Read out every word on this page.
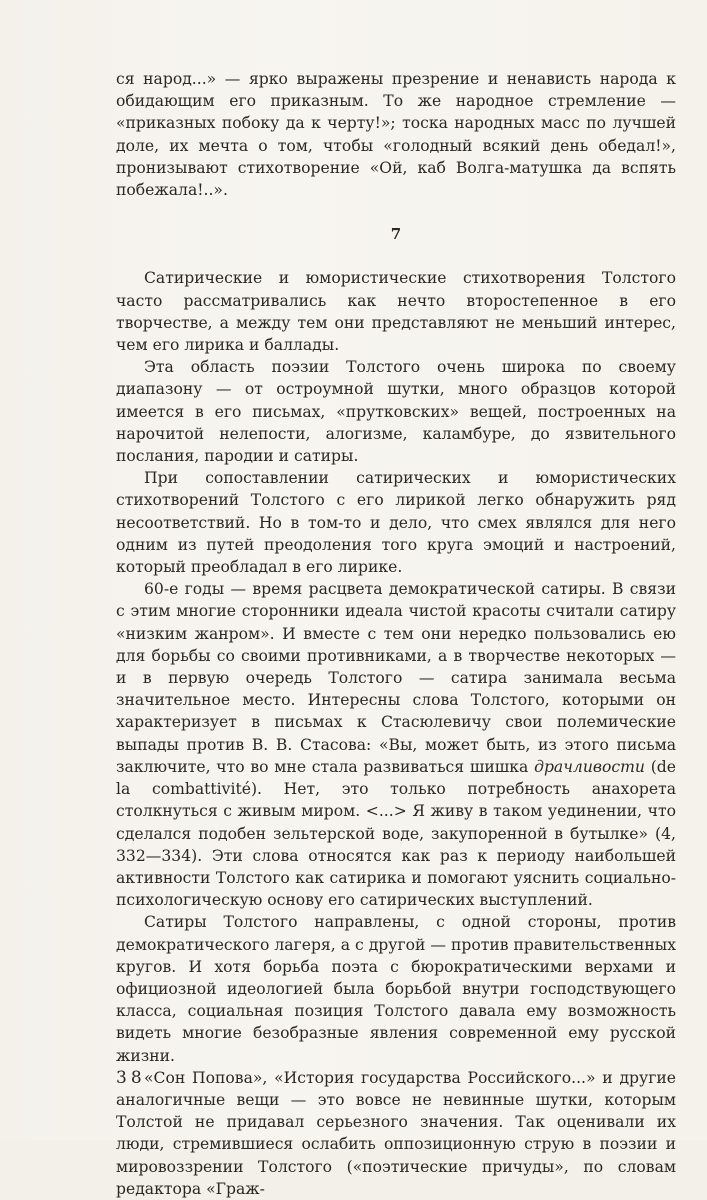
ся народ...» — ярко выражены презрение и ненависть народа к обидающим его приказным. То же народное стремление — «приказных побоку да к черту!»; тоска народных масс по лучшей доле, их мечта о том, чтобы «голодный всякий день обедал!», пронизывают стихотворение «Ой, каб Волга-матушка да вспять побежала!..».

7

Сатирические и юмористические стихотворения Толстого часто рассматривались как нечто второстепенное в его творчестве, а между тем они представляют не меньший интерес, чем его лирика и баллады.

Эта область поэзии Толстого очень широка по своему диапазону — от остроумной шутки, много образцов которой имеется в его письмах, «прутковских» вещей, построенных на нарочитой нелепости, алогизме, каламбуре, до язвительного послания, пародии и сатиры.

При сопоставлении сатирических и юмористических стихотворений Толстого с его лирикой легко обнаружить ряд несоответствий. Но в том-то и дело, что смех являлся для него одним из путей преодоления того круга эмоций и настроений, который преобладал в его лирике.

60-е годы — время расцвета демократической сатиры. В связи с этим многие сторонники идеала чистой красоты считали сатиру «низким жанром». И вместе с тем они нередко пользовались ею для борьбы со своими противниками, а в творчестве некоторых — и в первую очередь Толстого — сатира занимала весьма значительное место. Интересны слова Толстого, которыми он характеризует в письмах к Стасюлевичу свои полемические выпады против В. В. Стасова: «Вы, может быть, из этого письма заключите, что во мне стала развиваться шишка драчливости (de la combattivité). Нет, это только потребность анахорета столкнуться с живым миром. <...> Я живу в таком уединении, что сделался подобен зельтерской воде, закупоренной в бутылке» (4, 332—334). Эти слова относятся как раз к периоду наибольшей активности Толстого как сатирика и помогают уяснить социально-психологическую основу его сатирических выступлений.

Сатиры Толстого направлены, с одной стороны, против демократического лагеря, а с другой — против правительственных кругов. И хотя борьба поэта с бюрократическими верхами и официозной идеологией была борьбой внутри господствующего класса, социальная позиция Толстого давала ему возможность видеть многие безобразные явления современной ему русской жизни.

«Сон Попова», «История государства Российского...» и другие аналогичные вещи — это вовсе не невинные шутки, которым Толстой не придавал серьезного значения. Так оценивали их люди, стремившиеся ослабить оппозиционную струю в поэзии и мировоззрении Толстого («поэтические причуды», по словам редактора «Граж-

38
